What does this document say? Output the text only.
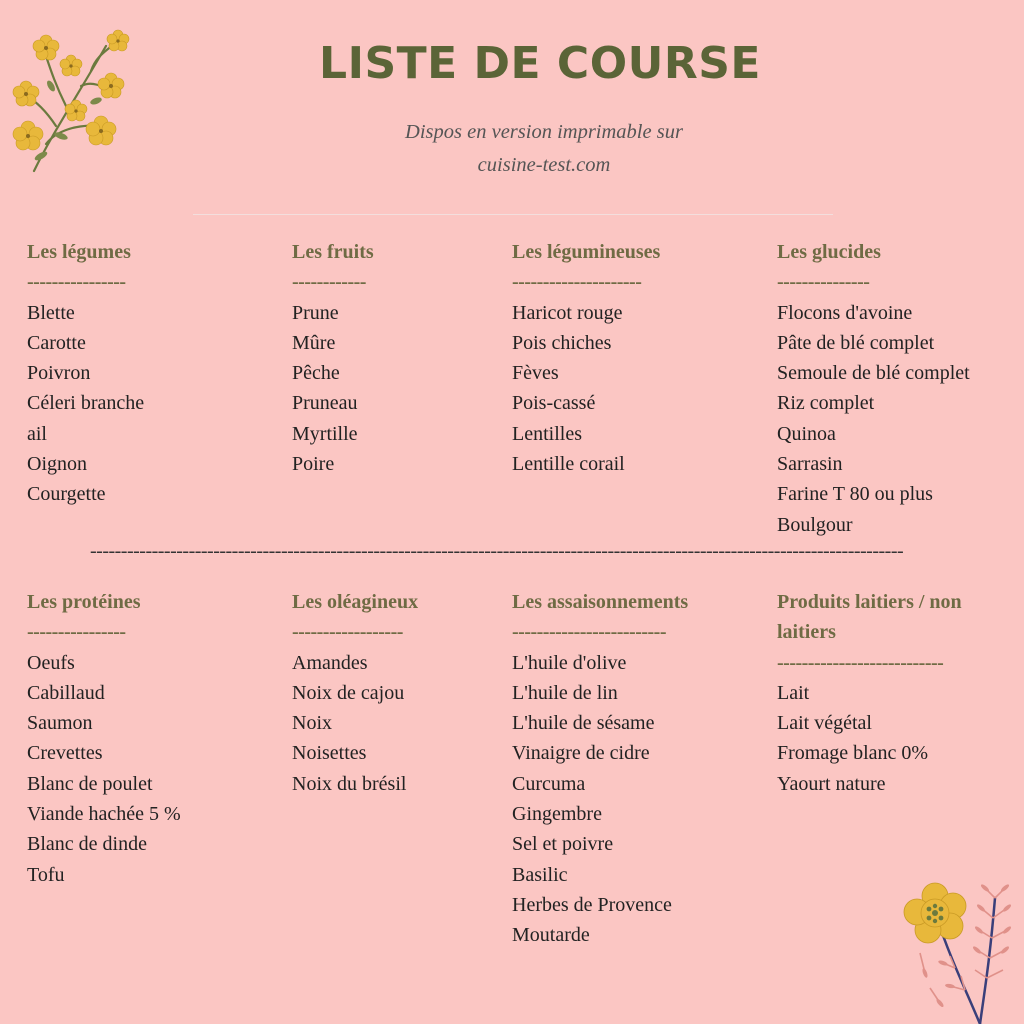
LISTE DE COURSE
Dispos en version imprimable sur
cuisine-test.com
Les légumes
----------------
Blette
Carotte
Poivron
Céleri branche
ail
Oignon
Courgette
Les fruits
------------
Prune
Mûre
Pêche
Pruneau
Myrtille
Poire
Les légumineuses
---------------------
Haricot rouge
Pois chiches
Fèves
Pois-cassé
Lentilles
Lentille corail
Les glucides
---------------
Flocons d'avoine
Pâte de blé complet
Semoule de blé complet
Riz complet
Quinoa
Sarrasin
Farine T 80 ou plus
Boulgour
Les protéines
----------------
Oeufs
Cabillaud
Saumon
Crevettes
Blanc de poulet
Viande hachée 5 %
Blanc de dinde
Tofu
Les oléagineux
------------------
Amandes
Noix de cajou
Noix
Noisettes
Noix du brésil
Les assaisonnements
-------------------------
L'huile d'olive
L'huile de lin
L'huile de sésame
Vinaigre de cidre
Curcuma
Gingembre
Sel et poivre
Basilic
Herbes de Provence
Moutarde
Produits laitiers / non laitiers
---------------------------
Lait
Lait végétal
Fromage blanc 0%
Yaourt nature
------------------------------------------------------------------------------------------------------------------------------------
